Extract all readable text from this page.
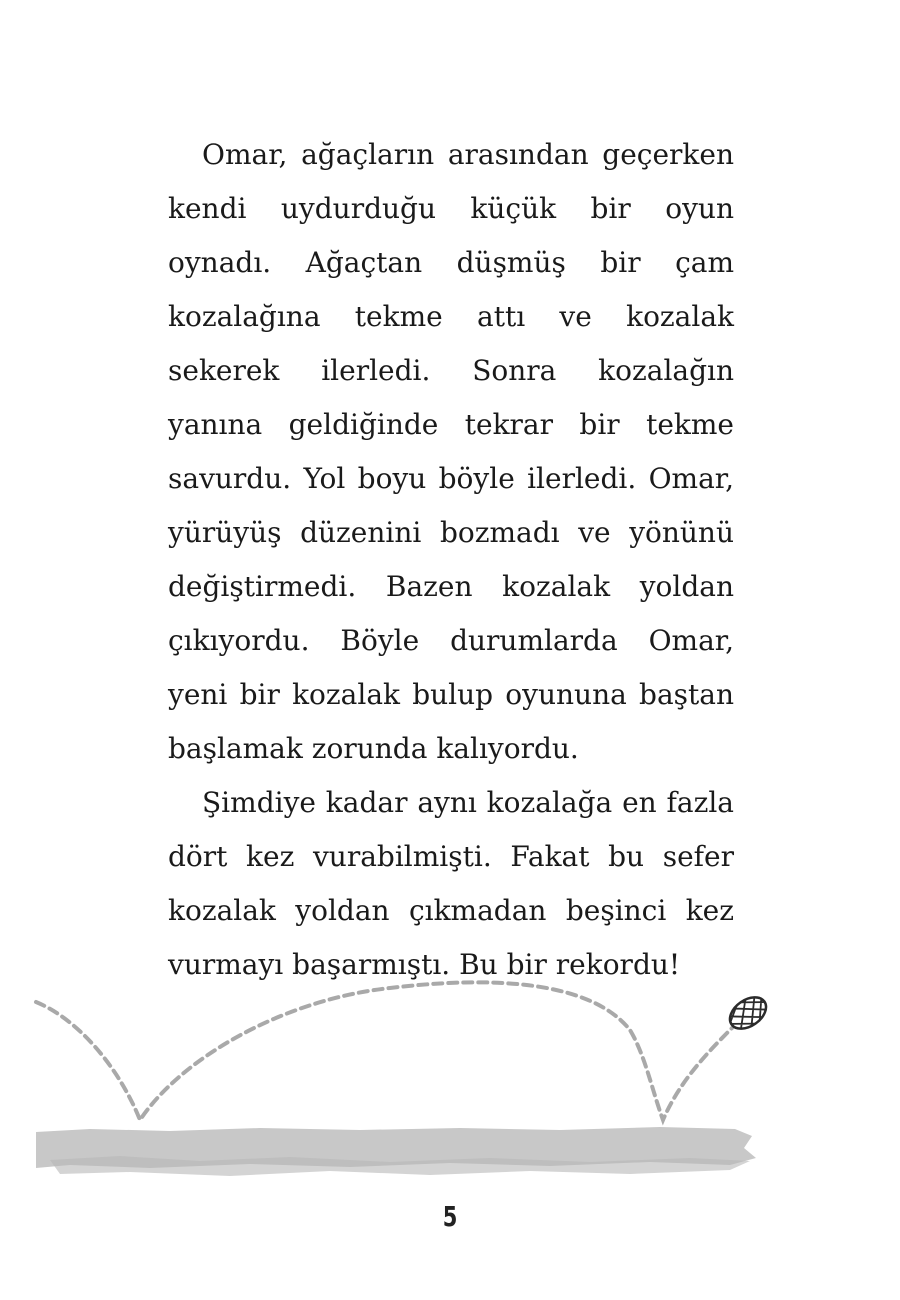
Omar, ağaçların arasından geçerken kendi uydurduğu küçük bir oyun oynadı. Ağaçtan düşmüş bir çam kozalağına tekme attı ve kozalak sekerek ilerledi. Sonra kozalağın yanına geldiğinde tekrar bir tekme savurdu. Yol boyu böyle ilerledi. Omar, yürüyüş düzenini bozmadı ve yönünü değiştirmedi. Bazen kozalak yoldan çıkıyordu. Böyle durumlarda Omar, yeni bir kozalak bulup oyununa baştan başlamak zorunda kalıyordu.

Şimdiye kadar aynı kozalağa en fazla dört kez vurabilmişti. Fakat bu sefer kozalak yoldan çıkmadan beşinci kez vurmayı başarmıştı. Bu bir rekordu!

5
